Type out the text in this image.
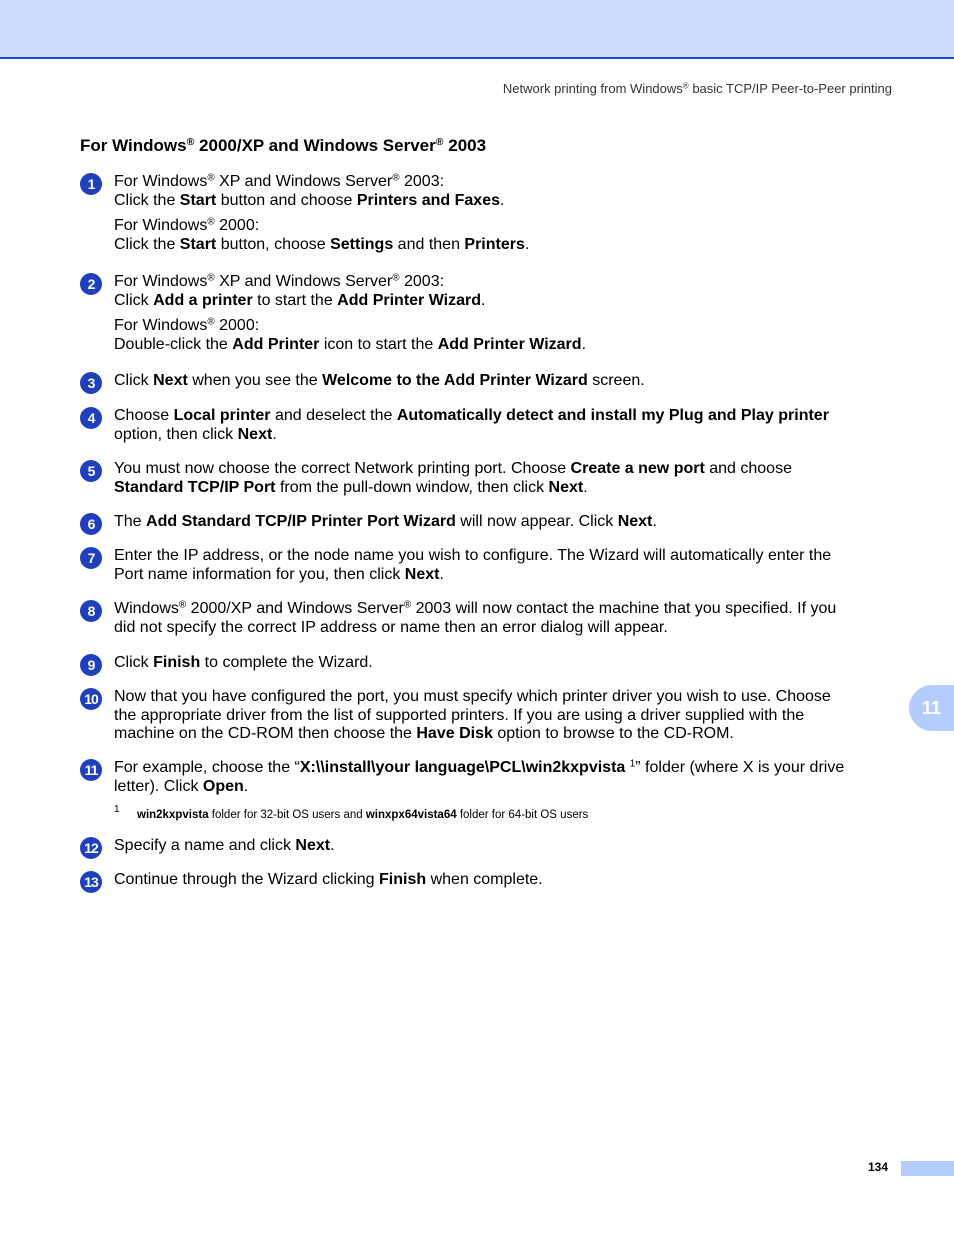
Network printing from Windows® basic TCP/IP Peer-to-Peer printing
For Windows® 2000/XP and Windows Server® 2003
1	For Windows® XP and Windows Server® 2003:
Click the Start button and choose Printers and Faxes.

For Windows® 2000:
Click the Start button, choose Settings and then Printers.

2	For Windows® XP and Windows Server® 2003:
Click Add a printer to start the Add Printer Wizard.

For Windows® 2000:
Double-click the Add Printer icon to start the Add Printer Wizard.

3	Click Next when you see the Welcome to the Add Printer Wizard screen.

4	Choose Local printer and deselect the Automatically detect and install my Plug and Play printer
option, then click Next.

5	You must now choose the correct Network printing port. Choose Create a new port and choose
Standard TCP/IP Port from the pull-down window, then click Next.

6	The Add Standard TCP/IP Printer Port Wizard will now appear. Click Next.

7	Enter the IP address, or the node name you wish to configure. The Wizard will automatically enter the
Port name information for you, then click Next.

8	Windows® 2000/XP and Windows Server® 2003 will now contact the machine that you specified. If you
did not specify the correct IP address or name then an error dialog will appear.

9	Click Finish to complete the Wizard.

10 Now that you have configured the port, you must specify which printer driver you wish to use. Choose
the appropriate driver from the list of supported printers. If you are using a driver supplied with the
machine on the CD-ROM then choose the Have Disk option to browse to the CD-ROM.

11 For example, choose the “X:\\install\your language\PCL\win2kxpvista $^1$” folder (where X is your drive
letter). Click Open.

1 win2kxpvista folder for 32-bit OS users and winxpx64vista64 folder for 64-bit OS users
12 Specify a name and click Next.

13 Continue through the Wizard clicking Finish when complete.

11
134
